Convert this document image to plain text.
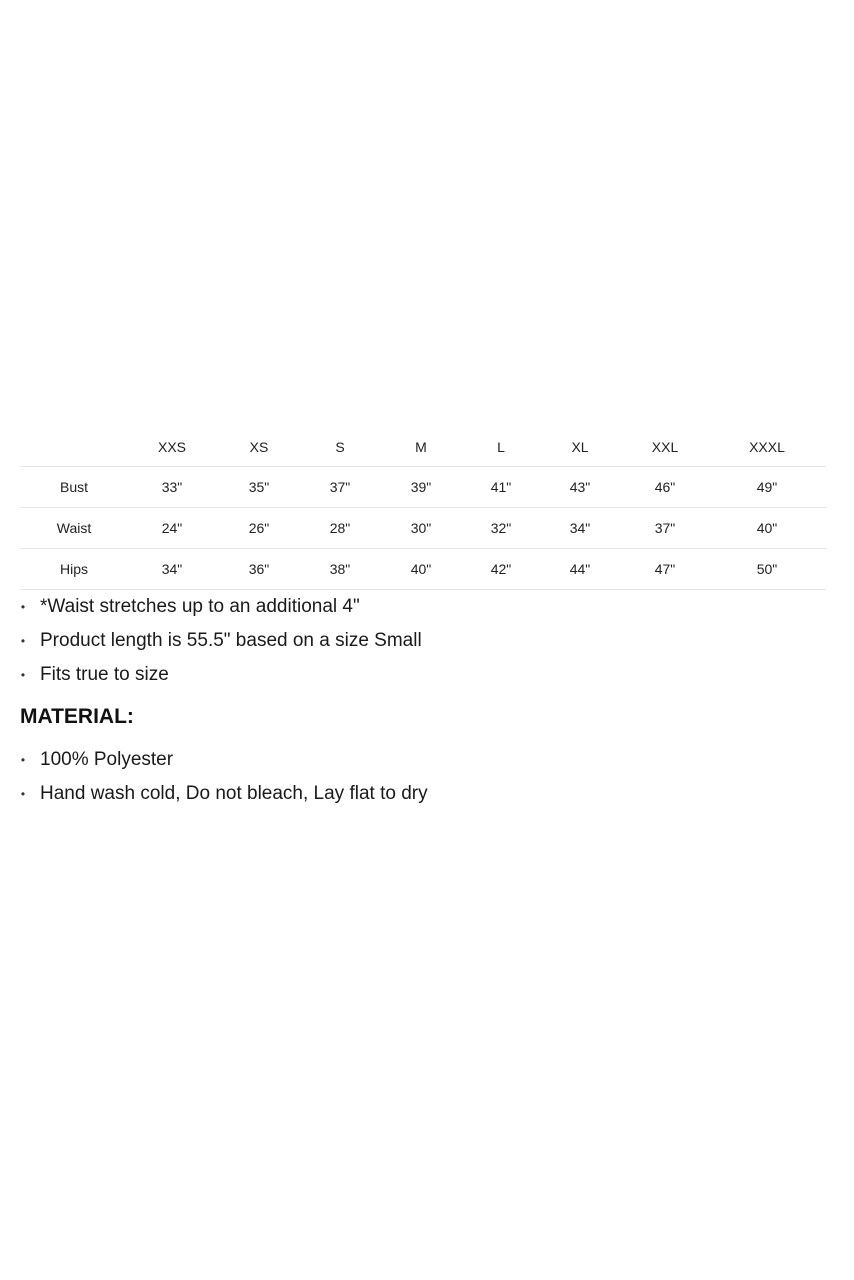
	XXS	XS	S	M	L	XL	XXL	XXXL
Bust	33"	35"	37"	39"	41"	43"	46"	49"
Waist	24"	26"	28"	30"	32"	34"	37"	40"
Hips	34"	36"	38"	40"	42"	44"	47"	50"
• *Waist stretches up to an additional 4"
• Product length is 55.5" based on a size Small
• Fits true to size
MATERIAL:
• 100% Polyester
• Hand wash cold, Do not bleach, Lay flat to dry
